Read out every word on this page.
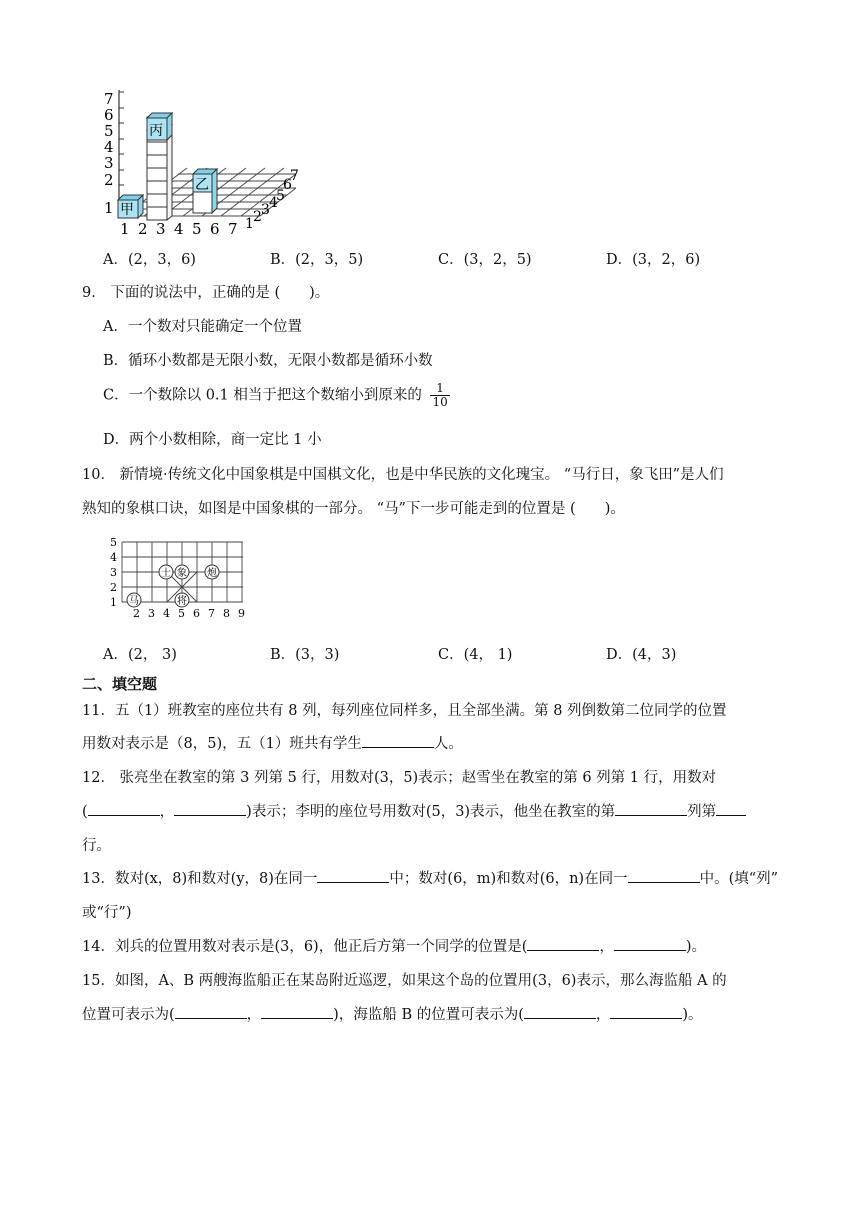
7
6
5
4
3
2
1
丙
乙
甲
1 2 3 4 5 6 7 1 2 3 4
5
6
7
A．(2，3，6)	B．(2，3，5)	C．(3，2，5)	D．(3，2，6)
9． 下面的说法中，正确的是 (　　)。
A．一个数对只能确定一个位置
B．循环小数都是无限小数，无限小数都是循环小数
C．一个数除以 0.1 相当于把这个数缩小到原来的 $\frac{1}{10}$
D．两个小数相除，商一定比 1 小
10． 新情境·传统文化中国象棋是中国棋文化，也是中华民族的文化瑰宝。 “马行日，象飞田”是人们
熟知的象棋口诀，如图是中国象棋的一部分。 “马”下一步可能走到的位置是 (　　)。
5
4
3
2
1
2 3 4 5 6 7 8 9
马
士 象 炮
将
A．(2， 3)	B．(3，3)	C．(4， 1)	D．(4，3)
二、填空题
11．五（1）班教室的座位共有 8 列，每列座位同样多，且全部坐满。第 8 列倒数第二位同学的位置
用数对表示是（8，5)，五（1）班共有学生	人。
12． 张亮坐在教室的第 3 列第 5 行，用数对(3，5)表示；赵雪坐在教室的第 6 列第 1 行，用数对
(	，	)表示；李明的座位号用数对(5，3)表示，他坐在教室的第	列第
行。
13．数对(x，8)和数对(y，8)在同一	中；数对(6，m)和数对(6，n)在同一	中。(填“列”
或“行”)
14．刘兵的位置用数对表示是(3，6)，他正后方第一个同学的位置是(	，	)。
15．如图，A、B 两艘海监船正在某岛附近巡逻，如果这个岛的位置用(3，6)表示，那么海监船 A 的
位置可表示为(	，	)，海监船 B 的位置可表示为(	，	)。
